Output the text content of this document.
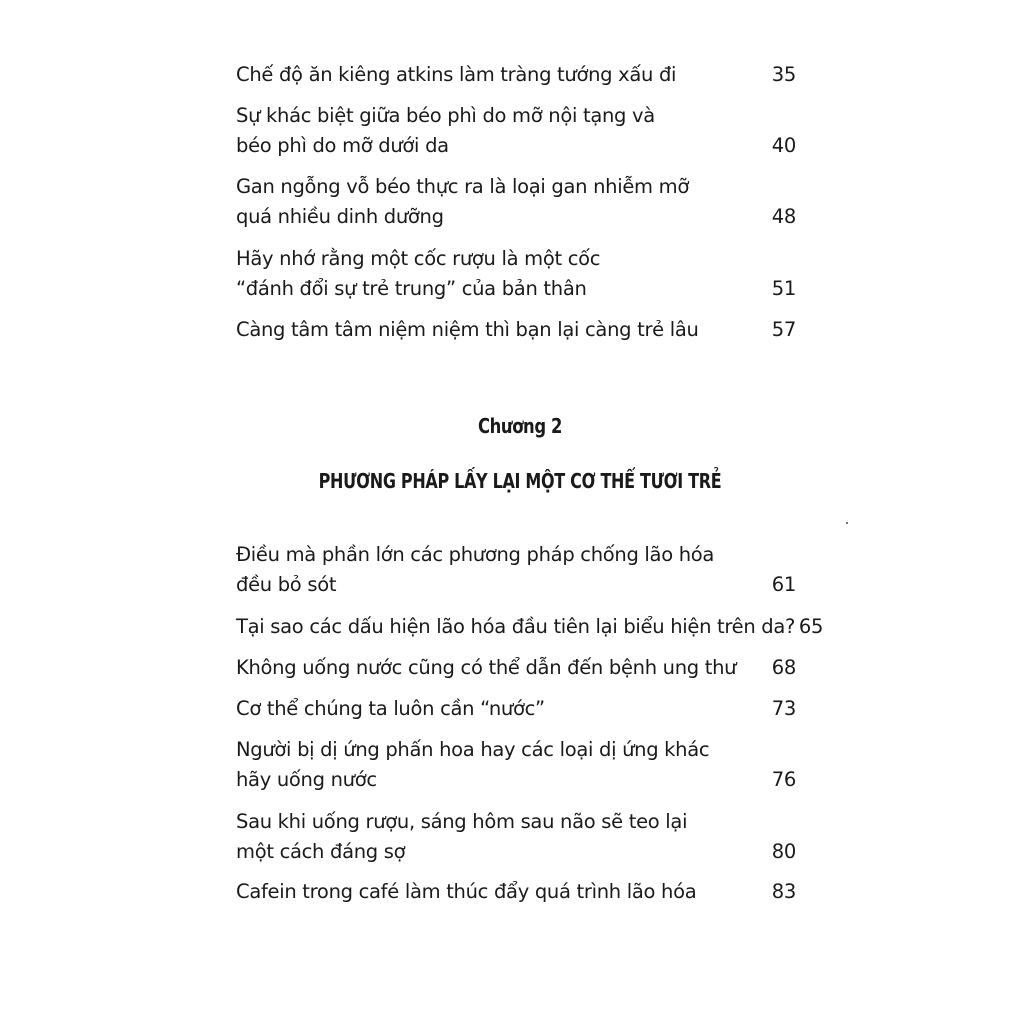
Chế độ ăn kiêng atkins làm tràng tướng xấu đi	35
Sự khác biệt giữa béo phì do mỡ nội tạng và
béo phì do mỡ dưới da	40
Gan ngỗng vỗ béo thực ra là loại gan nhiễm mỡ
quá nhiều dinh dưỡng	48
Hãy nhớ rằng một cốc rượu là một cốc
“đánh đổi sự trẻ trung” của bản thân	51
Càng tâm tâm niệm niệm thì bạn lại càng trẻ lâu	57
Chương 2
PHƯƠNG PHÁP LẤY LẠI MỘT CƠ THỂ TƯƠI TRẺ
Điều mà phần lớn các phương pháp chống lão hóa
đều bỏ sót	61
Tại sao các dấu hiện lão hóa đầu tiên lại biểu hiện trên da? 65
Không uống nước cũng có thể dẫn đến bệnh ung thư 68
Cơ thể chúng ta luôn cần “nước”	73
Người bị dị ứng phấn hoa hay các loại dị ứng khác
hãy uống nước	76
Sau khi uống rượu, sáng hôm sau não sẽ teo lại
một cách đáng sợ	80
Cafein trong café làm thúc đẩy quá trình lão hóa	83
